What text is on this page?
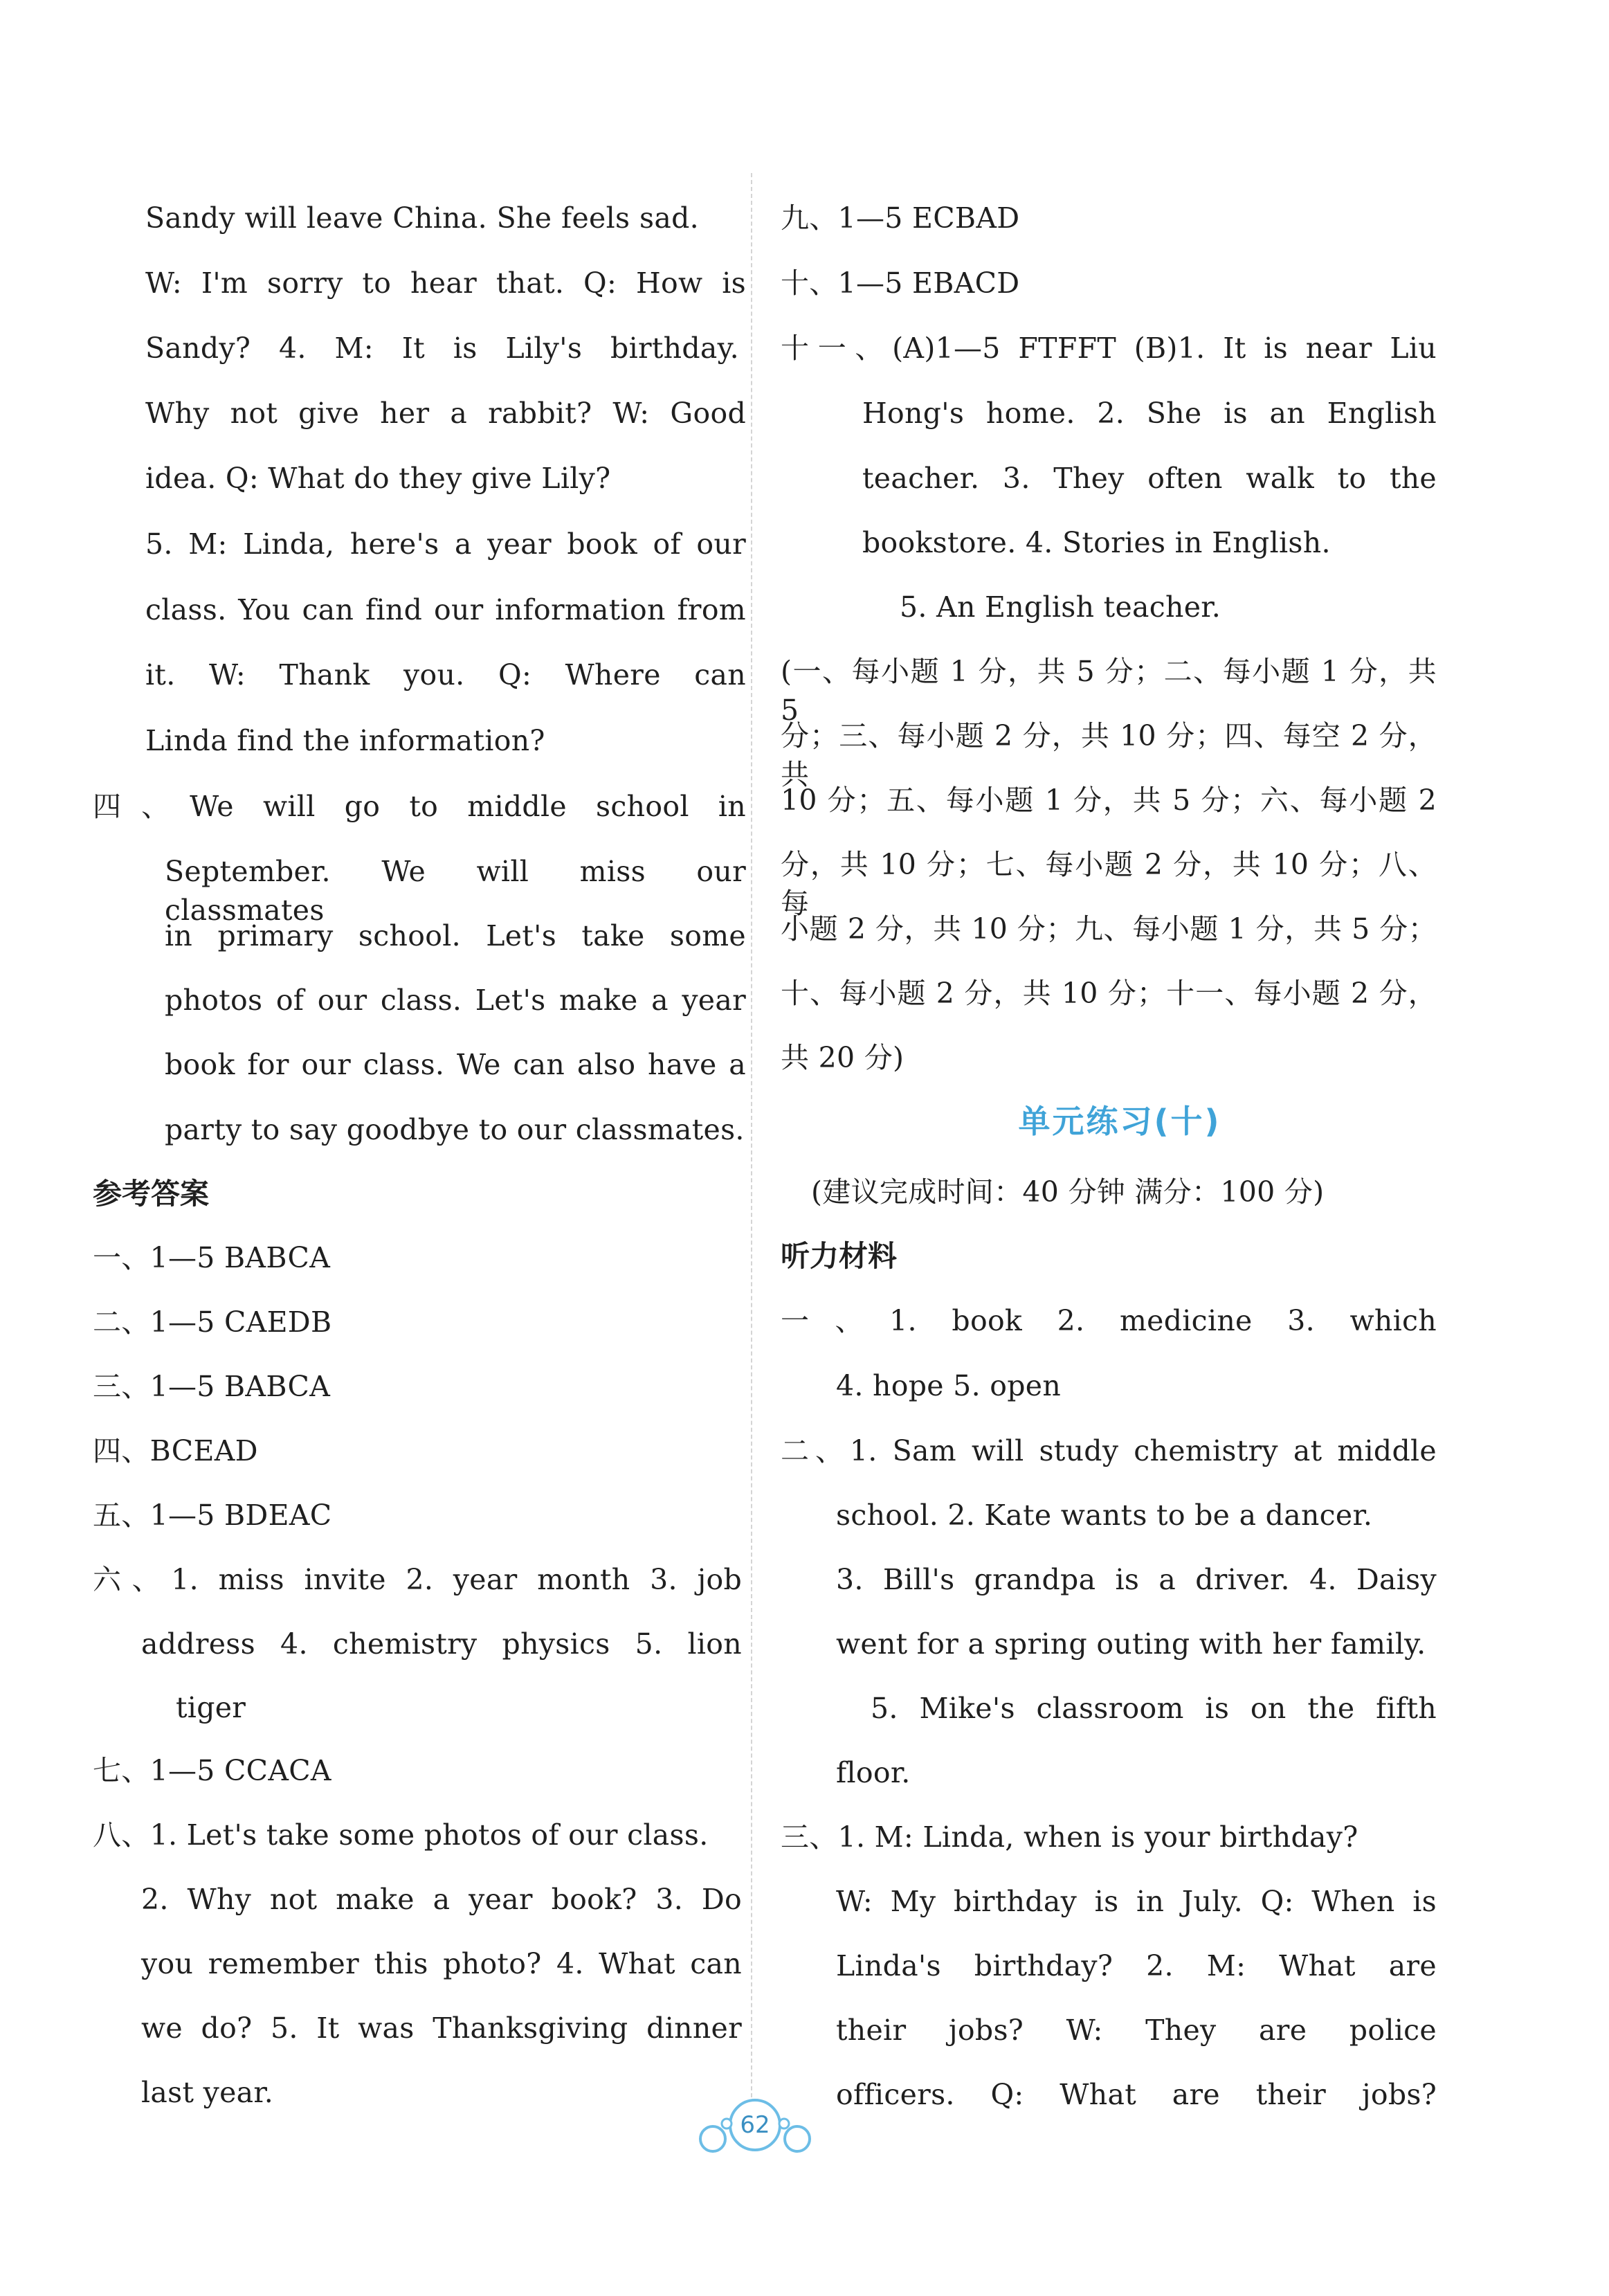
Sandy will leave China. She feels sad.
W: I'm sorry to hear that. Q: How is
Sandy? 4. M: It is Lily's birthday.
Why not give her a rabbit? W: Good
idea. Q: What do they give Lily?
5. M: Linda, here's a year book of our
class. You can find our information from
it. W: Thank you. Q: Where can
Linda find the information?
四、We will go to middle school in
September. We will miss our classmates
in primary school. Let's take some
photos of our class. Let's make a year
book for our class. We can also have a
party to say goodbye to our classmates.
参考答案
一、1—5 BABCA
二、1—5 CAEDB
三、1—5 BABCA
四、BCEAD
五、1—5 BDEAC
六、1. miss invite 2. year month 3. job
address 4. chemistry physics 5. lion
tiger
七、1—5 CCACA
八、1. Let's take some photos of our class.
2. Why not make a year book? 3. Do
you remember this photo? 4. What can
we do? 5. It was Thanksgiving dinner
last year.
九、1—5 ECBAD
十、1—5 EBACD
十一、(A)1—5 FTFFT (B)1. It is near Liu
Hong's home. 2. She is an English
teacher. 3. They often walk to the
bookstore. 4. Stories in English.
5. An English teacher.
(一、每小题 1 分，共 5 分；二、每小题 1 分，共 5
分；三、每小题 2 分，共 10 分；四、每空 2 分，共
10 分；五、每小题 1 分，共 5 分；六、每小题 2
分，共 10 分；七、每小题 2 分，共 10 分；八、每
小题 2 分，共 10 分；九、每小题 1 分，共 5 分；
十、每小题 2 分，共 10 分；十一、每小题 2 分，
共 20 分)
单元练习(十)
(建议完成时间：40 分钟 满分：100 分)
听力材料
一、1. book 2. medicine 3. which
4. hope 5. open
二、1. Sam will study chemistry at middle
school. 2. Kate wants to be a dancer.
3. Bill's grandpa is a driver. 4. Daisy
went for a spring outing with her family.
5. Mike's classroom is on the fifth
floor.
三、1. M: Linda, when is your birthday?
W: My birthday is in July. Q: When is
Linda's birthday? 2. M: What are
their jobs? W: They are police
officers. Q: What are their jobs?
62
